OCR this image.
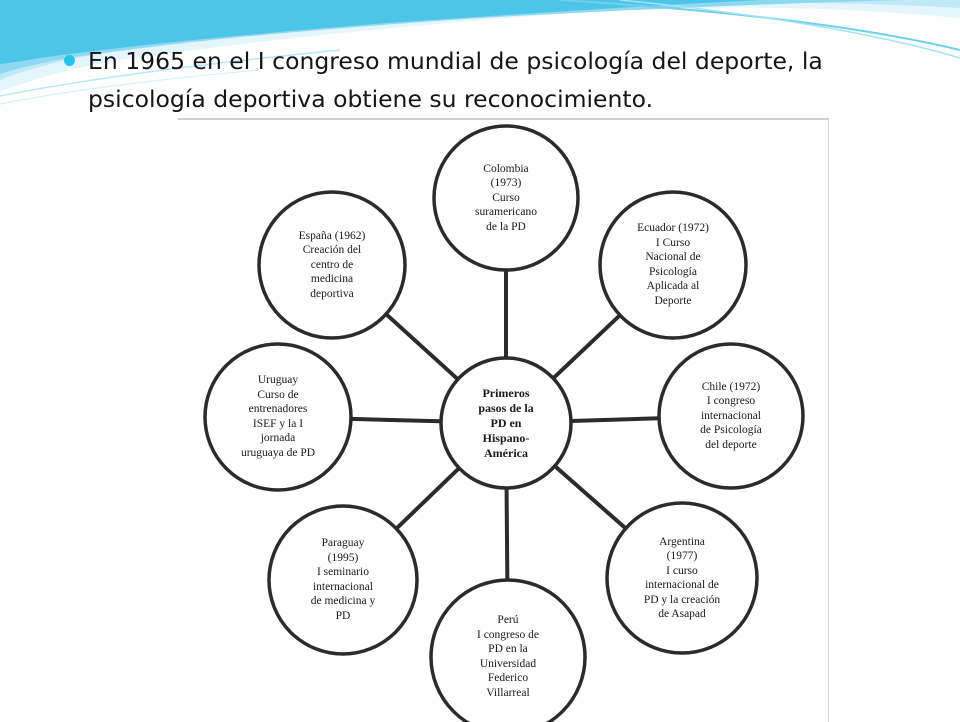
En 1965 en el I congreso mundial de psicología del deporte, la psicología deportiva obtiene su reconocimiento.
Primeros
pasos de la
PD en
Hispano-
América
Colombia
(1973)
Curso
suramericano
de la PD	Ecuador (1972)
I Curso
Nacional de
Psicología
Aplicada al
Deporte
Chile (1972)
I congreso
internacional
de Psicología
del deporte
Argentina
(1977)
I curso
internacional de
PD y la creación
de Asapad
Perú
I congreso de
PD en la
Universidad
Federico
Villarreal
Paraguay
(1995)
I seminario
internacional
de medicina y
PD
Uruguay
Curso de
entrenadores
ISEF y la I
jornada
uruguaya de PD
España (1962)
Creación del
centro de
medicina
deportiva
